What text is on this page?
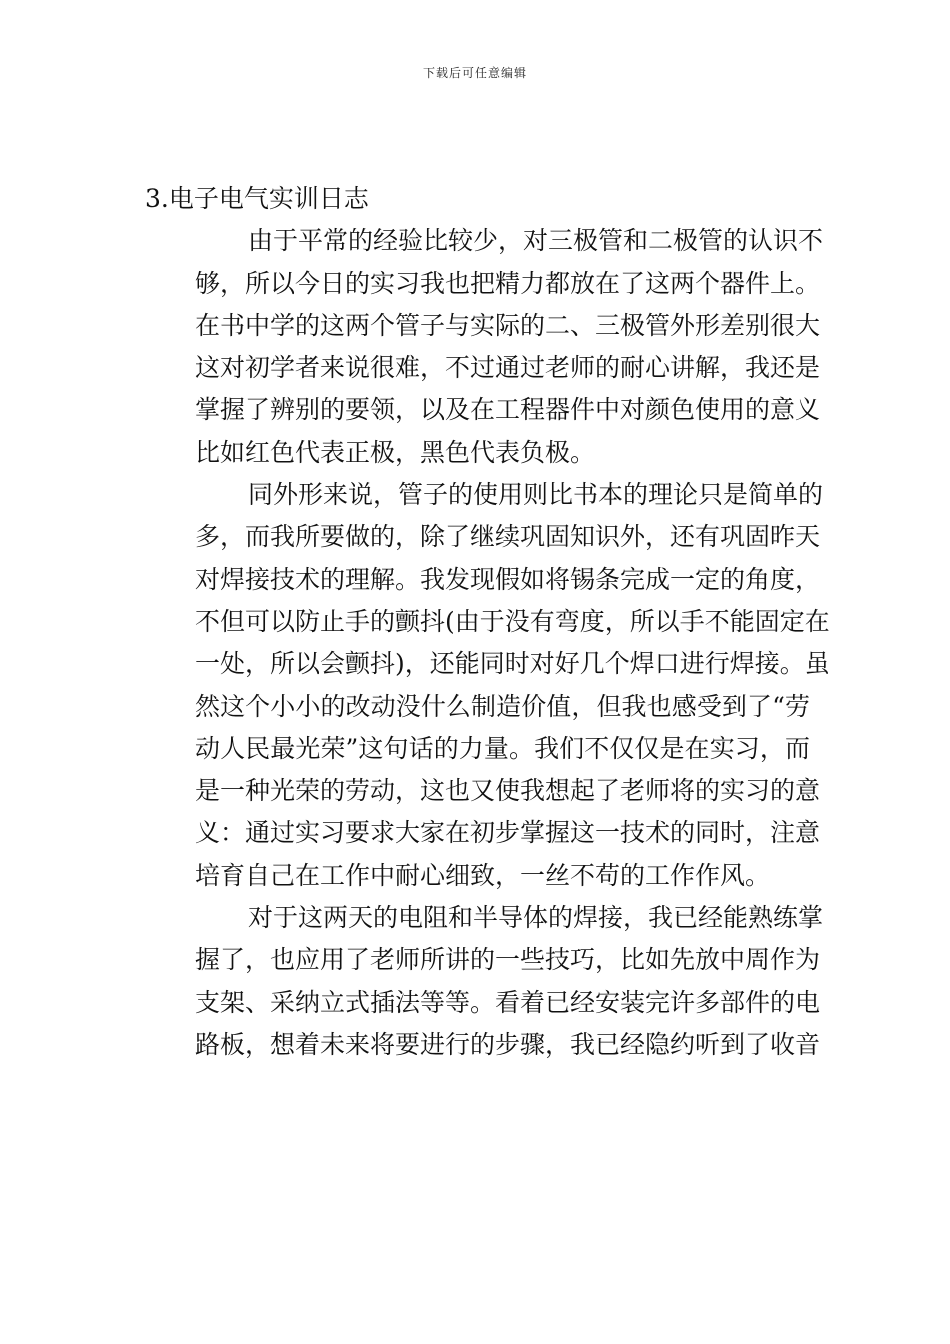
下载后可任意编辑
3.电子电气实训日志
由于平常的经验比较少，对三极管和二极管的认识不
够，所以今日的实习我也把精力都放在了这两个器件上。
在书中学的这两个管子与实际的二、三极管外形差别很大
这对初学者来说很难，不过通过老师的耐心讲解，我还是
掌握了辨别的要领，以及在工程器件中对颜色使用的意义
比如红色代表正极，黑色代表负极。
同外形来说，管子的使用则比书本的理论只是简单的
多，而我所要做的，除了继续巩固知识外，还有巩固昨天
对焊接技术的理解。我发现假如将锡条完成一定的角度，
不但可以防止手的颤抖(由于没有弯度，所以手不能固定在
一处，所以会颤抖)，还能同时对好几个焊口进行焊接。虽
然这个小小的改动没什么制造价值，但我也感受到了“劳
动人民最光荣”这句话的力量。我们不仅仅是在实习，而
是一种光荣的劳动，这也又使我想起了老师将的实习的意
义：通过实习要求大家在初步掌握这一技术的同时，注意
培育自己在工作中耐心细致，一丝不苟的工作作风。
对于这两天的电阻和半导体的焊接，我已经能熟练掌
握了，也应用了老师所讲的一些技巧，比如先放中周作为
支架、采纳立式插法等等。看着已经安装完许多部件的电
路板，想着未来将要进行的步骤，我已经隐约听到了收音
